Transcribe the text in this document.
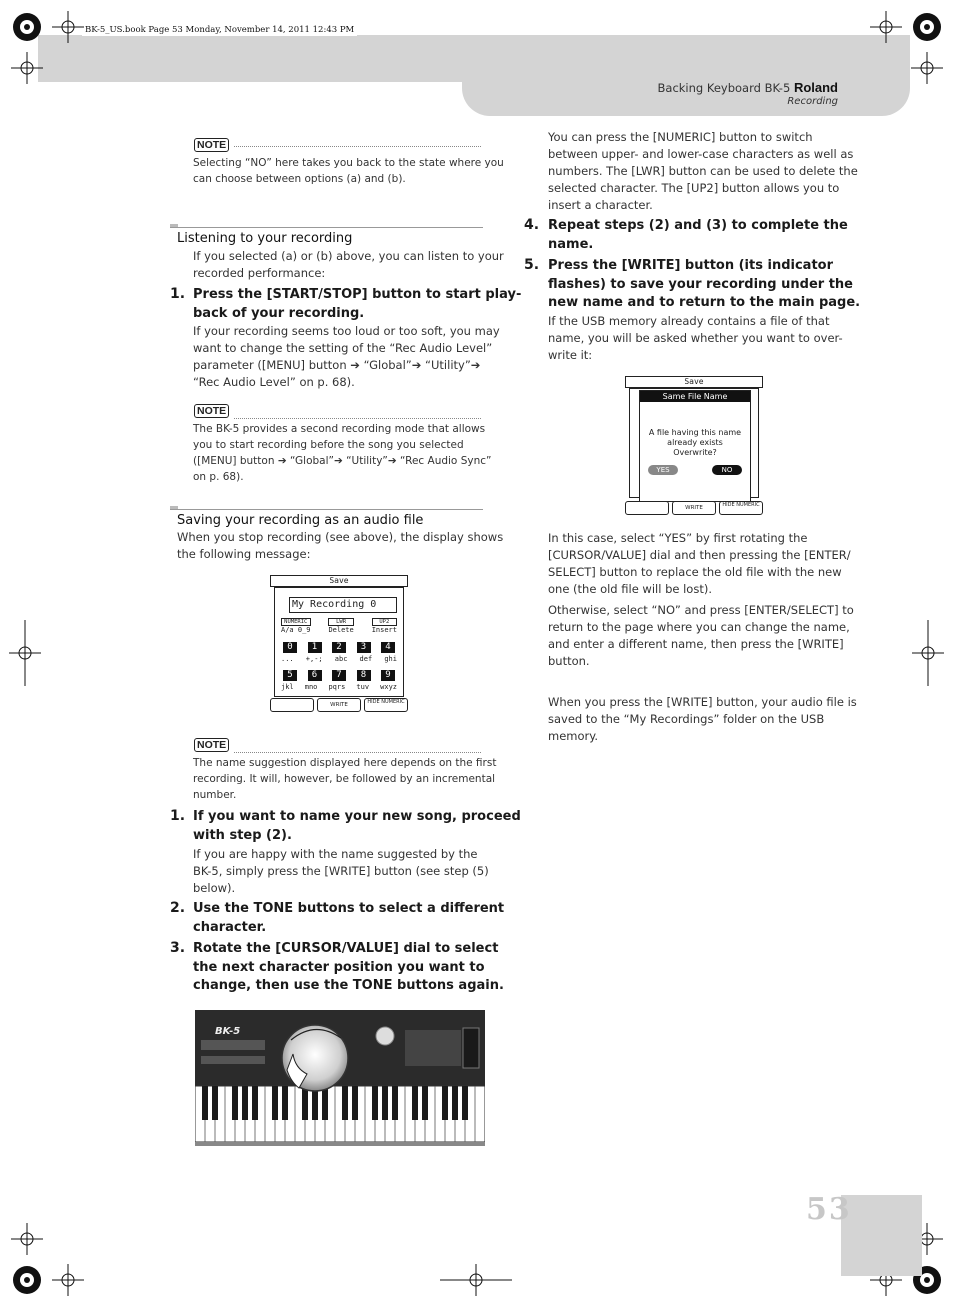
BK-5_US.book Page 53 Monday, November 14, 2011 12:43 PM
Backing Keyboard BK-5 Roland
Recording
53
NOTE
Selecting “NO” here takes you back to the state where you
can choose between options (a) and (b).
Listening to your recording
If you selected (a) or (b) above, you can listen to your
recorded performance:
1. Press the [START/STOP] button to start play-
back of your recording.
If your recording seems too loud or too soft, you may
want to change the setting of the “Rec Audio Level”
parameter ([MENU] button ➔ “Global”➔ “Utility”➔
“Rec Audio Level” on p. 68).
NOTE
The BK-5 provides a second recording mode that allows
you to start recording before the song you selected
([MENU] button ➔ “Global”➔ “Utility”➔ “Rec Audio Sync”
on p. 68).
Saving your recording as an audio file
When you stop recording (see above), the display shows
the following message:
Save
My Recording 0
NUMERIC
A/a 0_9
LWR
Delete
UP2
Insert
0	1	2	3	4
... +,-; abc def ghi
5	6	7	8	9
jkl mno pqrs tuv wxyz
WRITE	HIDE NUMERIC
NOTE
The name suggestion displayed here depends on the first
recording. It will, however, be followed by an incremental
number.
1. If you want to name your new song, proceed
with step (2).
If you are happy with the name suggested by the
BK-5, simply press the [WRITE] button (see step (5)
below).
2. Use the TONE buttons to select a different
character.
3. Rotate the [CURSOR/VALUE] dial to select
the next character position you want to
change, then use the TONE buttons again.
BK-5
You can press the [NUMERIC] button to switch
between upper- and lower-case characters as well as
numbers. The [LWR] button can be used to delete the
selected character. The [UP2] button allows you to
insert a character.
4. Repeat steps (2) and (3) to complete the
name.
5. Press the [WRITE] button (its indicator
flashes) to save your recording under the
new name and to return to the main page.
If the USB memory already contains a file of that
name, you will be asked whether you want to over-
write it:
Save
Same File Name
A file having this name
already exists
Overwrite?
YES	NO
WRITE	HIDE NUMERIC
In this case, select “YES” by first rotating the
[CURSOR/VALUE] dial and then pressing the [ENTER/
SELECT] button to replace the old file with the new
one (the old file will be lost).
Otherwise, select “NO” and press [ENTER/SELECT] to
return to the page where you can change the name,
and enter a different name, then press the [WRITE]
button.
When you press the [WRITE] button, your audio file is
saved to the “My Recordings” folder on the USB
memory.
